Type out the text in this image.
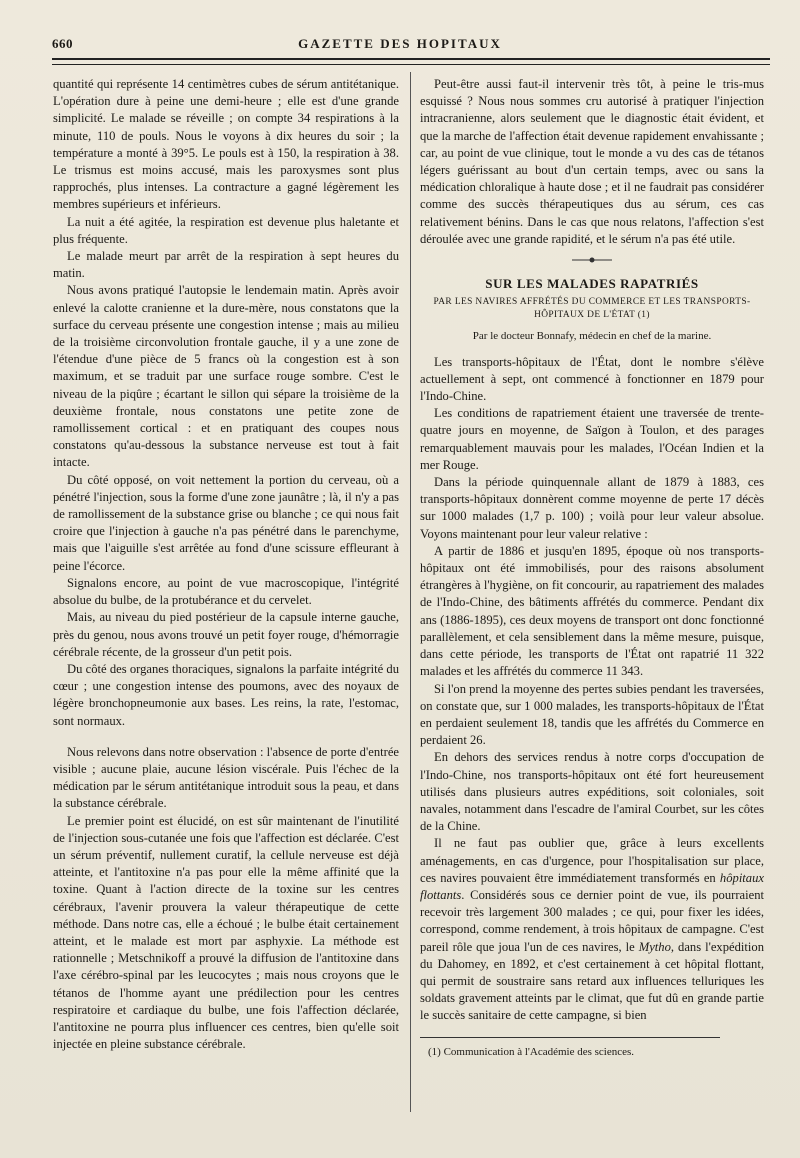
660	GAZETTE DES HOPITAUX

quantité qui représente 14 centimètres cubes de sérum antitétanique. L'opération dure à peine une demi-heure ; elle est d'une grande simplicité. Le malade se réveille ; on compte 34 respirations à la minute, 110 de pouls. Nous le voyons à dix heures du soir ; la température a monté à 39°5. Le pouls est à 150, la respiration à 38. Le trismus est moins accusé, mais les paroxysmes sont plus rapprochés, plus intenses. La contracture a gagné légèrement les membres supérieurs et inférieurs.

La nuit a été agitée, la respiration est devenue plus haletante et plus fréquente.

Le malade meurt par arrêt de la respiration à sept heures du matin.

Nous avons pratiqué l'autopsie le lendemain matin. Après avoir enlevé la calotte cranienne et la dure-mère, nous constatons que la surface du cerveau présente une congestion intense ; mais au milieu de la troisième circonvolution frontale gauche, il y a une zone de l'étendue d'une pièce de 5 francs où la congestion est à son maximum, et se traduit par une surface rouge sombre. C'est le niveau de la piqûre ; écartant le sillon qui sépare la troisième de la deuxième frontale, nous constatons une petite zone de ramollissement cortical : et en pratiquant des coupes nous constatons qu'au-dessous la substance nerveuse est tout à fait intacte.

Du côté opposé, on voit nettement la portion du cerveau, où a pénétré l'injection, sous la forme d'une zone jaunâtre ; là, il n'y a pas de ramollissement de la substance grise ou blanche ; ce qui nous fait croire que l'injection à gauche n'a pas pénétré dans le parenchyme, mais que l'aiguille s'est arrêtée au fond d'une scissure effleurant à peine l'écorce.

Signalons encore, au point de vue macroscopique, l'intégrité absolue du bulbe, de la protubérance et du cervelet.

Mais, au niveau du pied postérieur de la capsule interne gauche, près du genou, nous avons trouvé un petit foyer rouge, d'hémorragie cérébrale récente, de la grosseur d'un petit pois.

Du côté des organes thoraciques, signalons la parfaite intégrité du cœur ; une congestion intense des poumons, avec des noyaux de légère bronchopneumonie aux bases. Les reins, la rate, l'estomac, sont normaux.

Nous relevons dans notre observation : l'absence de porte d'entrée visible ; aucune plaie, aucune lésion viscérale. Puis l'échec de la médication par le sérum antitétanique introduit sous la peau, et dans la substance cérébrale.

Le premier point est élucidé, on est sûr maintenant de l'inutilité de l'injection sous-cutanée une fois que l'affection est déclarée. C'est un sérum préventif, nullement curatif, la cellule nerveuse est déjà atteinte, et l'antitoxine n'a pas pour elle la même affinité que la toxine. Quant à l'action directe de la toxine sur les centres cérébraux, l'avenir prouvera la valeur thérapeutique de cette méthode. Dans notre cas, elle a échoué ; le bulbe était certainement atteint, et le malade est mort par asphyxie. La méthode est rationnelle ; Metschnikoff a prouvé la diffusion de l'antitoxine dans l'axe cérébro-spinal par les leucocytes ; mais nous croyons que le tétanos de l'homme ayant une prédilection pour les centres respiratoire et cardiaque du bulbe, une fois l'affection déclarée, l'antitoxine ne pourra plus influencer ces centres, bien qu'elle soit injectée en pleine substance cérébrale.

Peut-être aussi faut-il intervenir très tôt, à peine le tris-mus esquissé ? Nous nous sommes cru autorisé à pratiquer l'injection intracranienne, alors seulement que le diagnostic était évident, et que la marche de l'affection était devenue rapidement envahissante ; car, au point de vue clinique, tout le monde a vu des cas de tétanos légers guérissant au bout d'un certain temps, avec ou sans la médication chloralique à haute dose ; et il ne faudrait pas considérer comme des succès thérapeutiques dus au sérum, ces cas relativement bénins. Dans le cas que nous relatons, l'affection s'est déroulée avec une grande rapidité, et le sérum n'a pas été utile.

SUR LES MALADES RAPATRIÉS
PAR LES NAVIRES AFFRÉTÉS DU COMMERCE ET LES TRANSPORTS-HÔPITAUX DE L'ÉTAT (1)
Par le docteur Bonnafy, médecin en chef de la marine.

Les transports-hôpitaux de l'État, dont le nombre s'élève actuellement à sept, ont commencé à fonctionner en 1879 pour l'Indo-Chine.

Les conditions de rapatriement étaient une traversée de trente-quatre jours en moyenne, de Saïgon à Toulon, et des parages remarquablement mauvais pour les malades, l'Océan Indien et la mer Rouge.

Dans la période quinquennale allant de 1879 à 1883, ces transports-hôpitaux donnèrent comme moyenne de perte 17 décès sur 1000 malades (1,7 p. 100) ; voilà pour leur valeur absolue. Voyons maintenant pour leur valeur relative :

A partir de 1886 et jusqu'en 1895, époque où nos transports-hôpitaux ont été immobilisés, pour des raisons absolument étrangères à l'hygiène, on fit concourir, au rapatriement des malades de l'Indo-Chine, des bâtiments affrétés du commerce. Pendant dix ans (1886-1895), ces deux moyens de transport ont donc fonctionné parallèlement, et cela sensiblement dans la même mesure, puisque, dans cette période, les transports de l'État ont rapatrié 11 322 malades et les affrétés du commerce 11 343.

Si l'on prend la moyenne des pertes subies pendant les traversées, on constate que, sur 1 000 malades, les transports-hôpitaux de l'État en perdaient seulement 18, tandis que les affrétés du Commerce en perdaient 26.

En dehors des services rendus à notre corps d'occupation de l'Indo-Chine, nos transports-hôpitaux ont été fort heureusement utilisés dans plusieurs autres expéditions, soit coloniales, soit navales, notamment dans l'escadre de l'amiral Courbet, sur les côtes de la Chine.

Il ne faut pas oublier que, grâce à leurs excellents aménagements, en cas d'urgence, pour l'hospitalisation sur place, ces navires pouvaient être immédiatement transformés en hôpitaux flottants. Considérés sous ce dernier point de vue, ils pourraient recevoir très largement 300 malades ; ce qui, pour fixer les idées, correspond, comme rendement, à trois hôpitaux de campagne. C'est pareil rôle que joua l'un de ces navires, le Mytho, dans l'expédition du Dahomey, en 1892, et c'est certainement à cet hôpital flottant, qui permit de soustraire sans retard aux influences telluriques les soldats gravement atteints par le climat, que fut dû en grande partie le succès sanitaire de cette campagne, si bien

(1) Communication à l'Académie des sciences.
